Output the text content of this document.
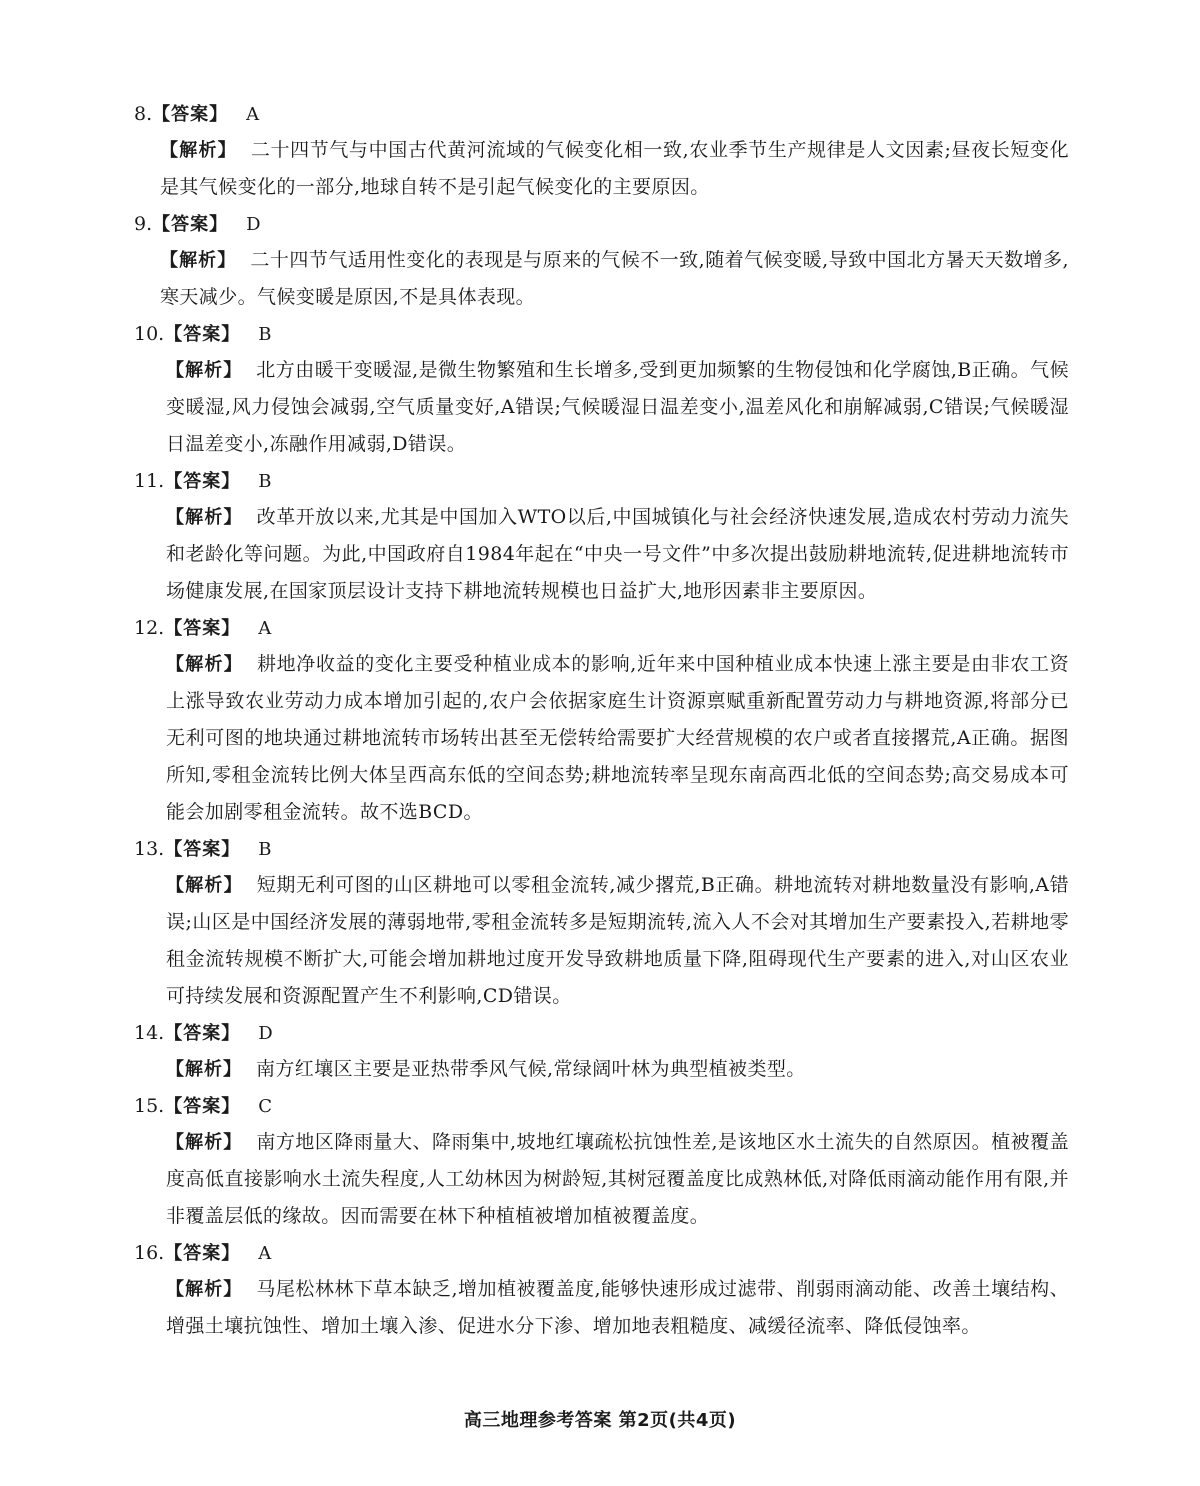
8.【答案】 A
【解析】 二十四节气与中国古代黄河流域的气候变化相一致,农业季节生产规律是人文因素;昼夜长短变化是其气候变化的一部分,地球自转不是引起气候变化的主要原因。
9.【答案】 D
【解析】 二十四节气适用性变化的表现是与原来的气候不一致,随着气候变暖,导致中国北方暑天天数增多,寒天减少。气候变暖是原因,不是具体表现。
10.【答案】 B
【解析】 北方由暖干变暖湿,是微生物繁殖和生长增多,受到更加频繁的生物侵蚀和化学腐蚀,B正确。气候变暖湿,风力侵蚀会减弱,空气质量变好,A错误;气候暖湿日温差变小,温差风化和崩解减弱,C错误;气候暖湿日温差变小,冻融作用减弱,D错误。
11.【答案】 B
【解析】 改革开放以来,尤其是中国加入WTO以后,中国城镇化与社会经济快速发展,造成农村劳动力流失和老龄化等问题。为此,中国政府自1984年起在“中央一号文件”中多次提出鼓励耕地流转,促进耕地流转市场健康发展,在国家顶层设计支持下耕地流转规模也日益扩大,地形因素非主要原因。
12.【答案】 A
【解析】 耕地净收益的变化主要受种植业成本的影响,近年来中国种植业成本快速上涨主要是由非农工资上涨导致农业劳动力成本增加引起的,农户会依据家庭生计资源禀赋重新配置劳动力与耕地资源,将部分已无利可图的地块通过耕地流转市场转出甚至无偿转给需要扩大经营规模的农户或者直接撂荒,A正确。据图所知,零租金流转比例大体呈西高东低的空间态势;耕地流转率呈现东南高西北低的空间态势;高交易成本可能会加剧零租金流转。故不选BCD。
13.【答案】 B
【解析】 短期无利可图的山区耕地可以零租金流转,减少撂荒,B正确。耕地流转对耕地数量没有影响,A错误;山区是中国经济发展的薄弱地带,零租金流转多是短期流转,流入人不会对其增加生产要素投入,若耕地零租金流转规模不断扩大,可能会增加耕地过度开发导致耕地质量下降,阻碍现代生产要素的进入,对山区农业可持续发展和资源配置产生不利影响,CD错误。
14.【答案】 D
【解析】 南方红壤区主要是亚热带季风气候,常绿阔叶林为典型植被类型。
15.【答案】 C
【解析】 南方地区降雨量大、降雨集中,坡地红壤疏松抗蚀性差,是该地区水土流失的自然原因。植被覆盖度高低直接影响水土流失程度,人工幼林因为树龄短,其树冠覆盖度比成熟林低,对降低雨滴动能作用有限,并非覆盖层低的缘故。因而需要在林下种植植被增加植被覆盖度。
16.【答案】 A
【解析】 马尾松林林下草本缺乏,增加植被覆盖度,能够快速形成过滤带、削弱雨滴动能、改善土壤结构、增强土壤抗蚀性、增加土壤入渗、促进水分下渗、增加地表粗糙度、减缓径流率、降低侵蚀率。
高三地理参考答案 第2页(共4页)
